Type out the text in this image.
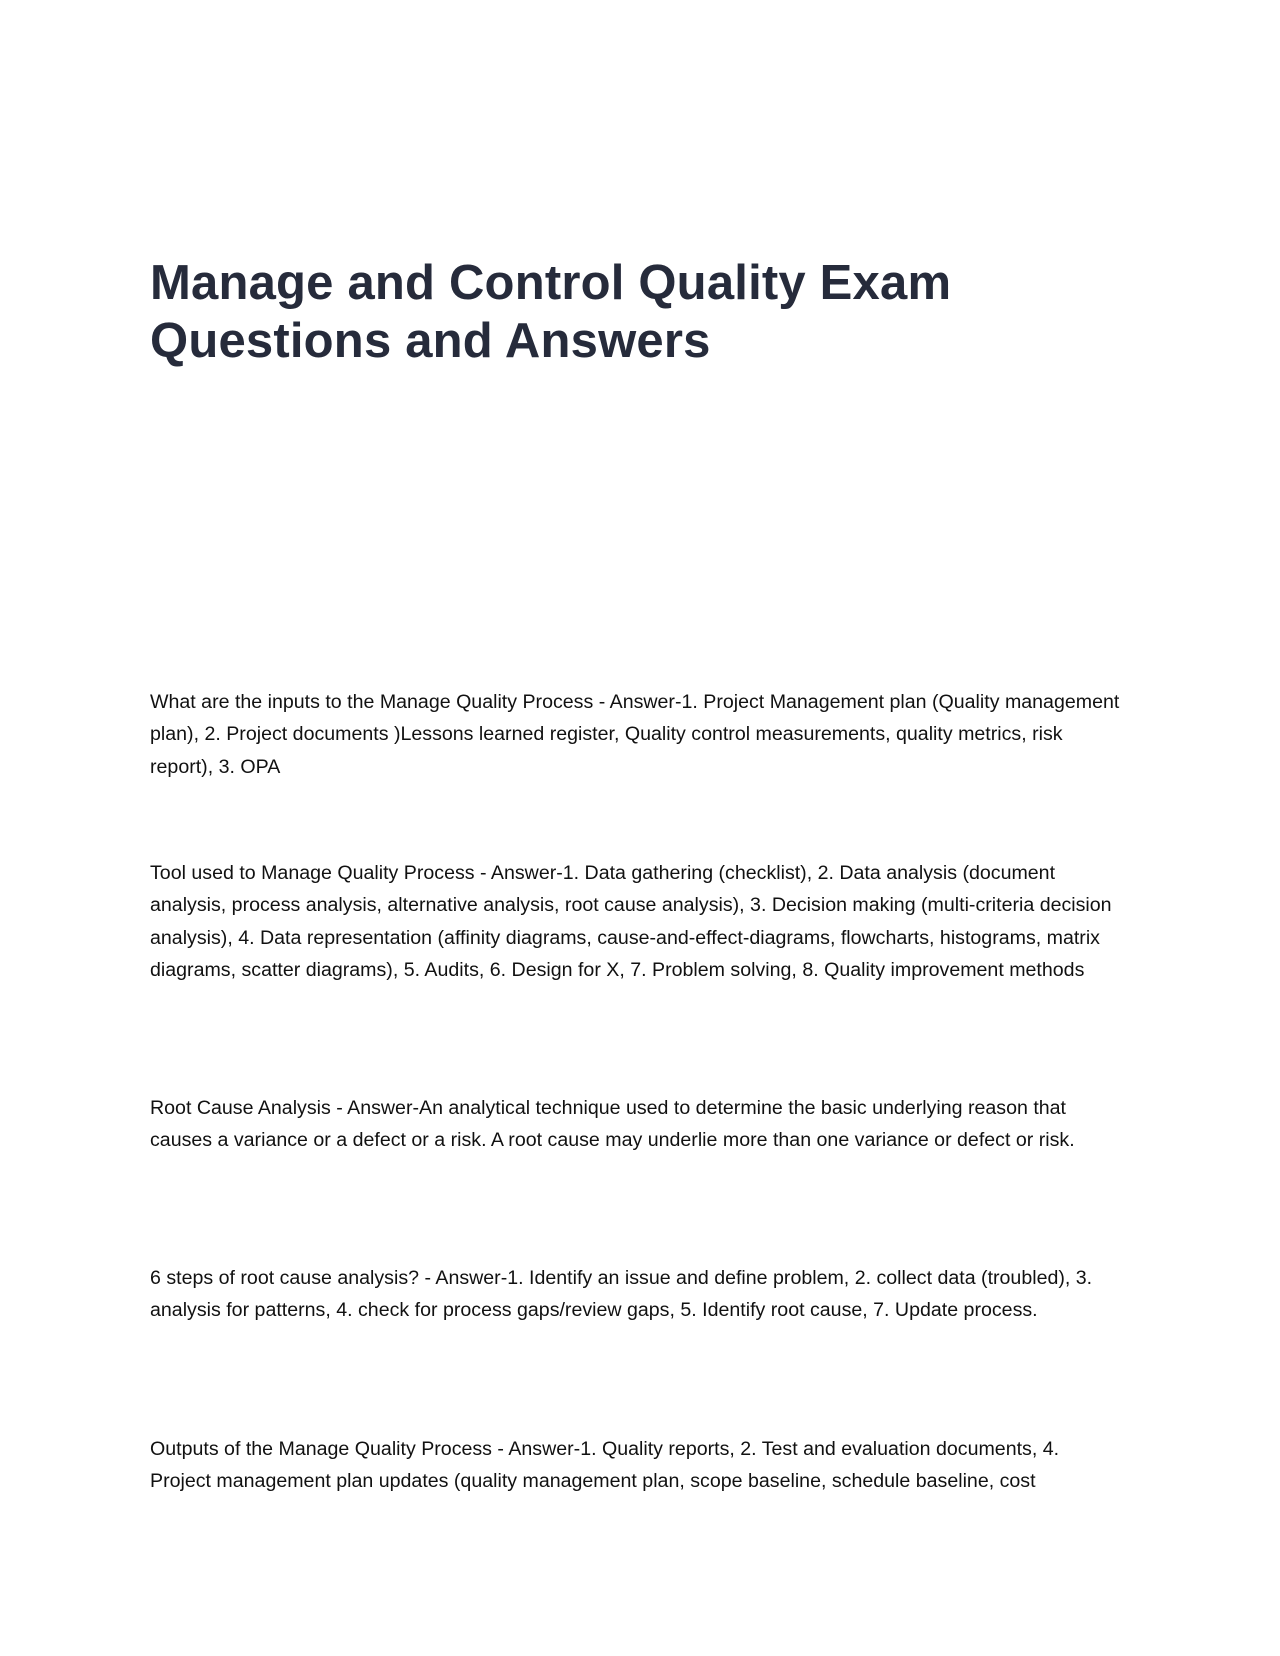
Manage and Control Quality Exam
Questions and Answers

What are the inputs to the Manage Quality Process - Answer-1. Project Management plan (Quality management plan), 2. Project documents )Lessons learned register, Quality control measurements, quality metrics, risk report), 3. OPA

Tool used to Manage Quality Process - Answer-1. Data gathering (checklist), 2. Data analysis (document analysis, process analysis, alternative analysis, root cause analysis), 3. Decision making (multi-criteria decision analysis), 4. Data representation (affinity diagrams, cause-and-effect-diagrams, flowcharts, histograms, matrix diagrams, scatter diagrams), 5. Audits, 6. Design for X, 7. Problem solving, 8. Quality improvement methods

Root Cause Analysis - Answer-An analytical technique used to determine the basic underlying reason that causes a variance or a defect or a risk. A root cause may underlie more than one variance or defect or risk.

6 steps of root cause analysis? - Answer-1. Identify an issue and define problem, 2. collect data (troubled), 3. analysis for patterns, 4. check for process gaps/review gaps, 5. Identify root cause, 7. Update process.

Outputs of the Manage Quality Process - Answer-1. Quality reports, 2. Test and evaluation documents, 4. Project management plan updates (quality management plan, scope baseline, schedule baseline, cost
